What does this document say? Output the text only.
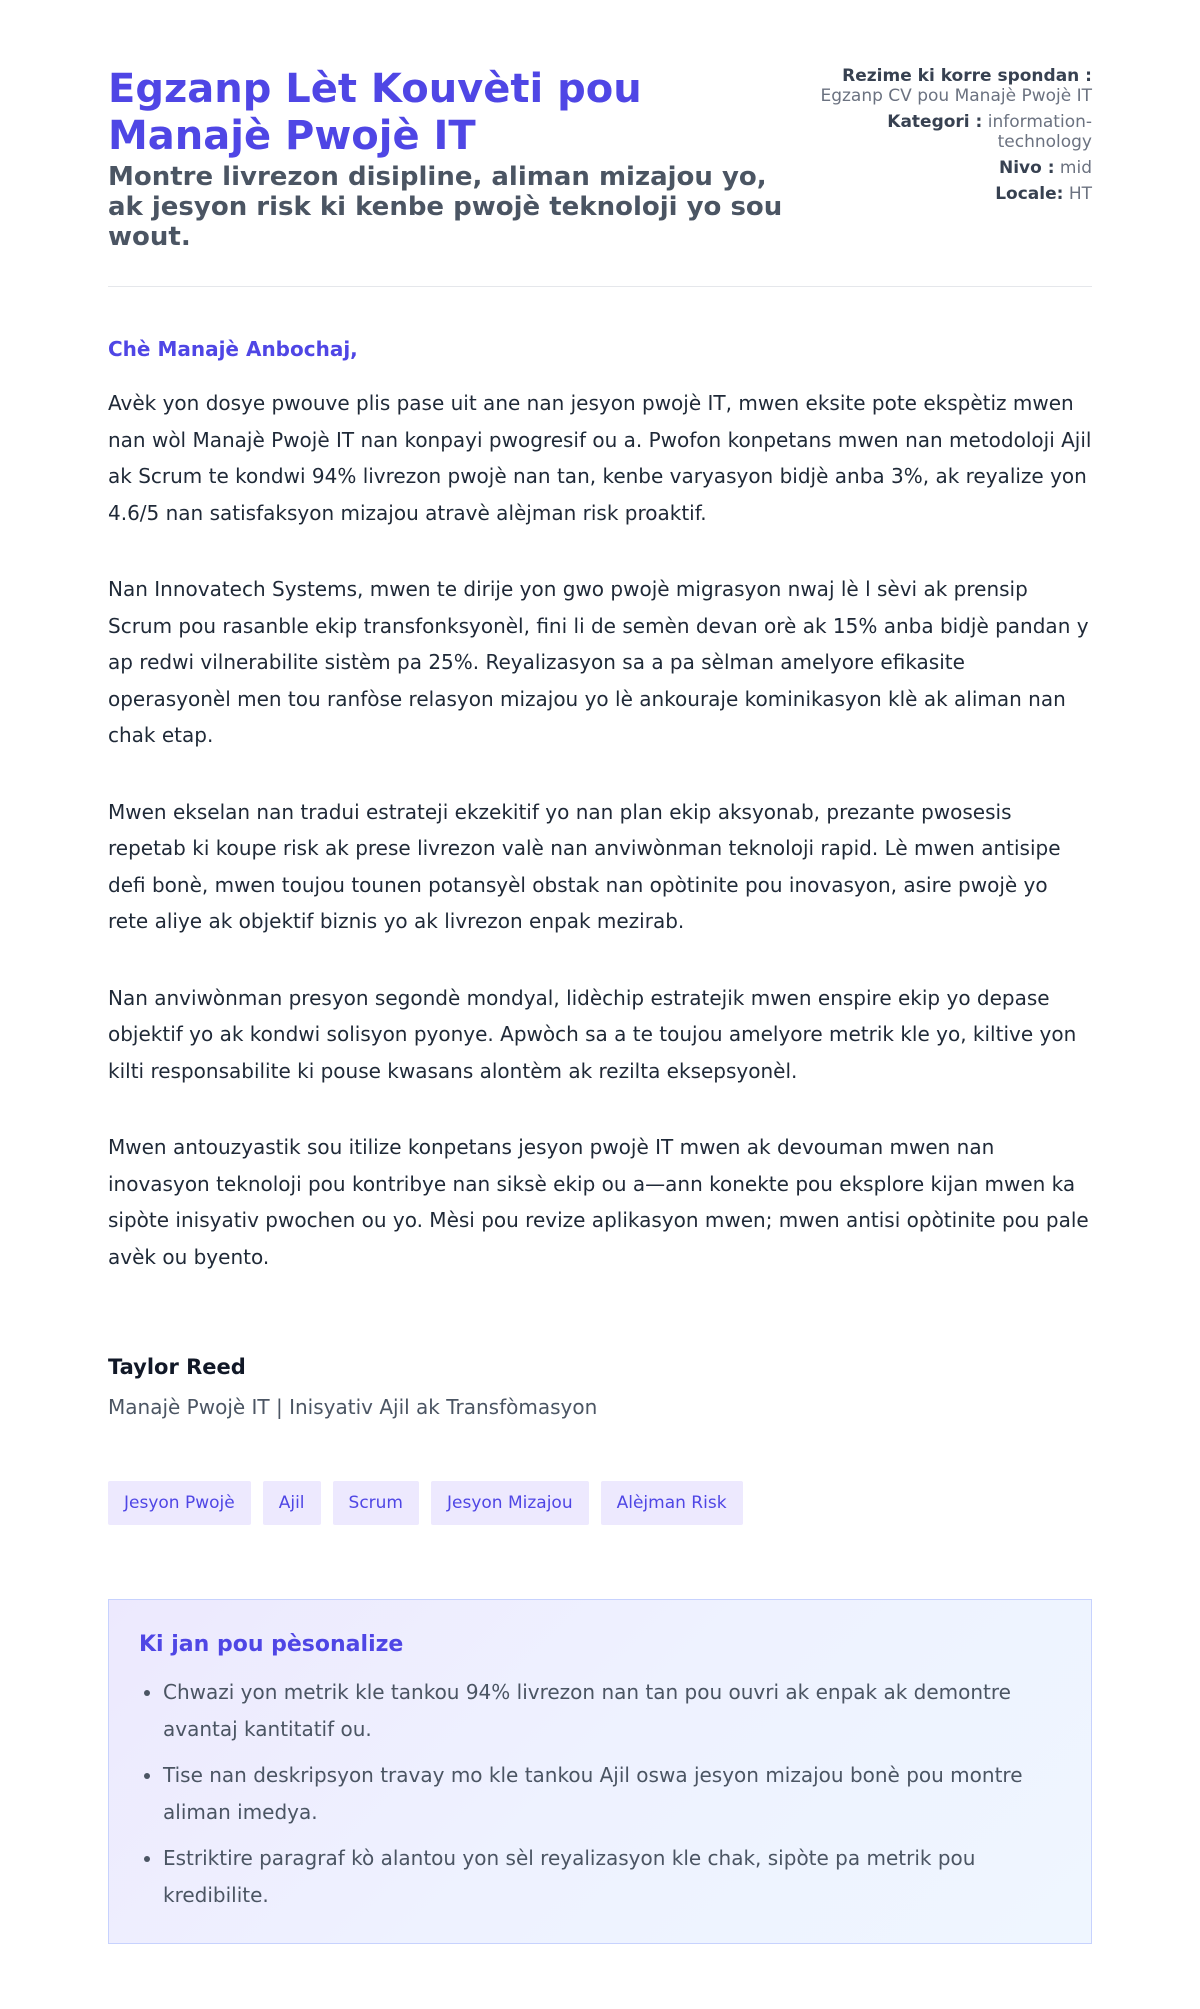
Egzanp Lèt Kouvèti pou Manajè Pwojè IT
Montre livrezon disipline, aliman mizajou yo, ak jesyon risk ki kenbe pwojè teknoloji yo sou wout.
Rezime ki korre spondan : Egzanp CV pou Manajè Pwojè IT
Kategori : information-technology
Nivo : mid
Locale: HT

Chè Manajè Anbochaj,

Avèk yon dosye pwouve plis pase uit ane nan jesyon pwojè IT, mwen eksite pote ekspètiz mwen nan wòl Manajè Pwojè IT nan konpayi pwogresif ou a. Pwofon konpetans mwen nan metodoloji Ajil ak Scrum te kondwi 94% livrezon pwojè nan tan, kenbe varyasyon bidjè anba 3%, ak reyalize yon 4.6/5 nan satisfaksyon mizajou atravè alèjman risk proaktif.

Nan Innovatech Systems, mwen te dirije yon gwo pwojè migrasyon nwaj lè l sèvi ak prensip Scrum pou rasanble ekip transfonksyonèl, fini li de semèn devan orè ak 15% anba bidjè pandan y ap redwi vilnerabilite sistèm pa 25%. Reyalizasyon sa a pa sèlman amelyore efikasite operasyonèl men tou ranfòse relasyon mizajou yo lè ankouraje kominikasyon klè ak aliman nan chak etap.

Mwen ekselan nan tradui estrateji ekzekitif yo nan plan ekip aksyonab, prezante pwosesis repetab ki koupe risk ak prese livrezon valè nan anviwònman teknoloji rapid. Lè mwen antisipe defi bonè, mwen toujou tounen potansyèl obstak nan opòtinite pou inovasyon, asire pwojè yo rete aliye ak objektif biznis yo ak livrezon enpak mezirab.

Nan anviwònman presyon segondè mondyal, lidèchip estratejik mwen enspire ekip yo depase objektif yo ak kondwi solisyon pyonye. Apwòch sa a te toujou amelyore metrik kle yo, kiltive yon kilti responsabilite ki pouse kwasans alontèm ak rezilta eksepsyonèl.

Mwen antouzyastik sou itilize konpetans jesyon pwojè IT mwen ak devouman mwen nan inovasyon teknoloji pou kontribye nan siksè ekip ou a—ann konekte pou eksplore kijan mwen ka sipòte inisyativ pwochen ou yo. Mèsi pou revize aplikasyon mwen; mwen antisi opòtinite pou pale avèk ou byento.

Taylor Reed
Manajè Pwojè IT | Inisyativ Ajil ak Transfòmasyon
Jesyon Pwojè	Ajil	Scrum	Jesyon Mizajou	Alèjman Risk
Ki jan pou pèsonalize
• Chwazi yon metrik kle tankou 94% livrezon nan tan pou ouvri ak enpak ak demontre avantaj kantitatif ou.
• Tise nan deskripsyon travay mo kle tankou Ajil oswa jesyon mizajou bonè pou montre aliman imedya.
• Estriktire paragraf kò alantou yon sèl reyalizasyon kle chak, sipòte pa metrik pou kredibilite.
